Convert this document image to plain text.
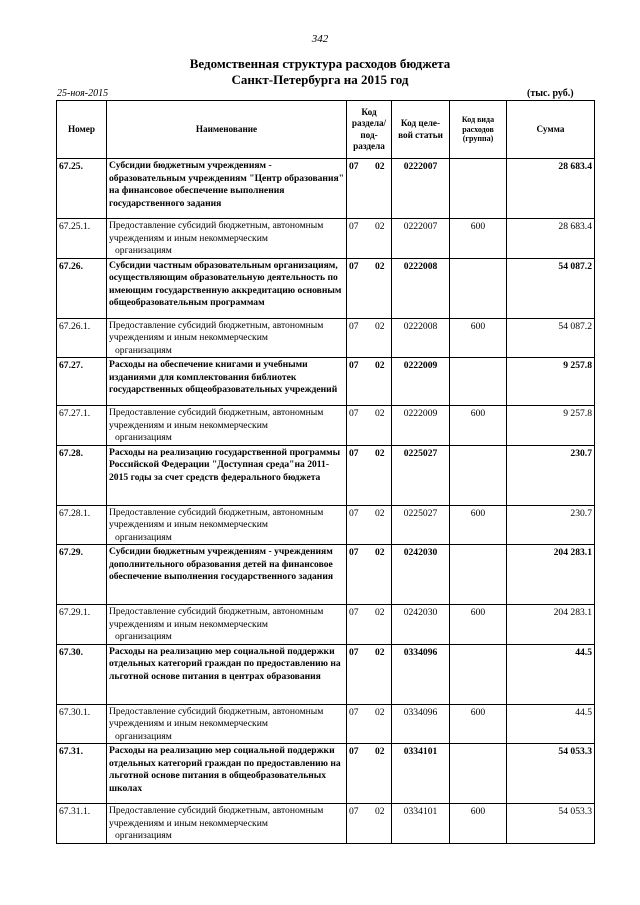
342
Ведомственная структура расходов бюджета
Санкт-Петербурга на 2015 год
25-ноя-2015	(тыс. руб.)
Номер	Наименование	Код раздела/ под- раздела	Код целе- вой статьи	Код вида расходов (группа)	Сумма
67.25.	Субсидии бюджетным учреждениям - образовательным учреждениям "Центр образования" на финансовое обеспечение выполнения государственного задания	07 02	0222007		28 683.4
67.25.1.	Предоставление субсидий бюджетным, автономным учреждениям и иным некоммерческим
организациям	07 02	0222007	600	28 683.4
67.26.	Субсидии частным образовательным организациям, осуществляющим образовательную деятельность по имеющим государственную аккредитацию основным общеобразовательным программам	07 02	0222008		54 087.2
67.26.1.	Предоставление субсидий бюджетным, автономным учреждениям и иным некоммерческим
организациям	07 02	0222008	600	54 087.2
67.27.	Расходы на обеспечение книгами и учебными изданиями для комплектования библиотек государственных общеобразовательных учреждений	07 02	0222009		9 257.8
67.27.1.	Предоставление субсидий бюджетным, автономным учреждениям и иным некоммерческим
организациям	07 02	0222009	600	9 257.8
67.28.	Расходы на реализацию государственной программы Российской Федерации "Доступная среда"на 2011-2015 годы за счет средств федерального бюджета	07 02	0225027		230.7
67.28.1.	Предоставление субсидий бюджетным, автономным учреждениям и иным некоммерческим
организациям	07 02	0225027	600	230.7
67.29.	Субсидии бюджетным учреждениям - учреждениям дополнительного образования детей на финансовое обеспечение выполнения государственного задания	07 02	0242030		204 283.1
67.29.1.	Предоставление субсидий бюджетным, автономным учреждениям и иным некоммерческим
организациям	07 02	0242030	600	204 283.1
67.30.	Расходы на реализацию мер социальной поддержки отдельных категорий граждан по предоставлению на льготной основе питания в центрах образования	07 02	0334096		44.5
67.30.1.	Предоставление субсидий бюджетным, автономным учреждениям и иным некоммерческим
организациям	07 02	0334096	600	44.5
67.31.	Расходы на реализацию мер социальной поддержки отдельных категорий граждан по предоставлению на льготной основе питания в общеобразовательных школах	07 02	0334101		54 053.3
67.31.1.	Предоставление субсидий бюджетным, автономным учреждениям и иным некоммерческим
организациям	07 02	0334101	600	54 053.3
